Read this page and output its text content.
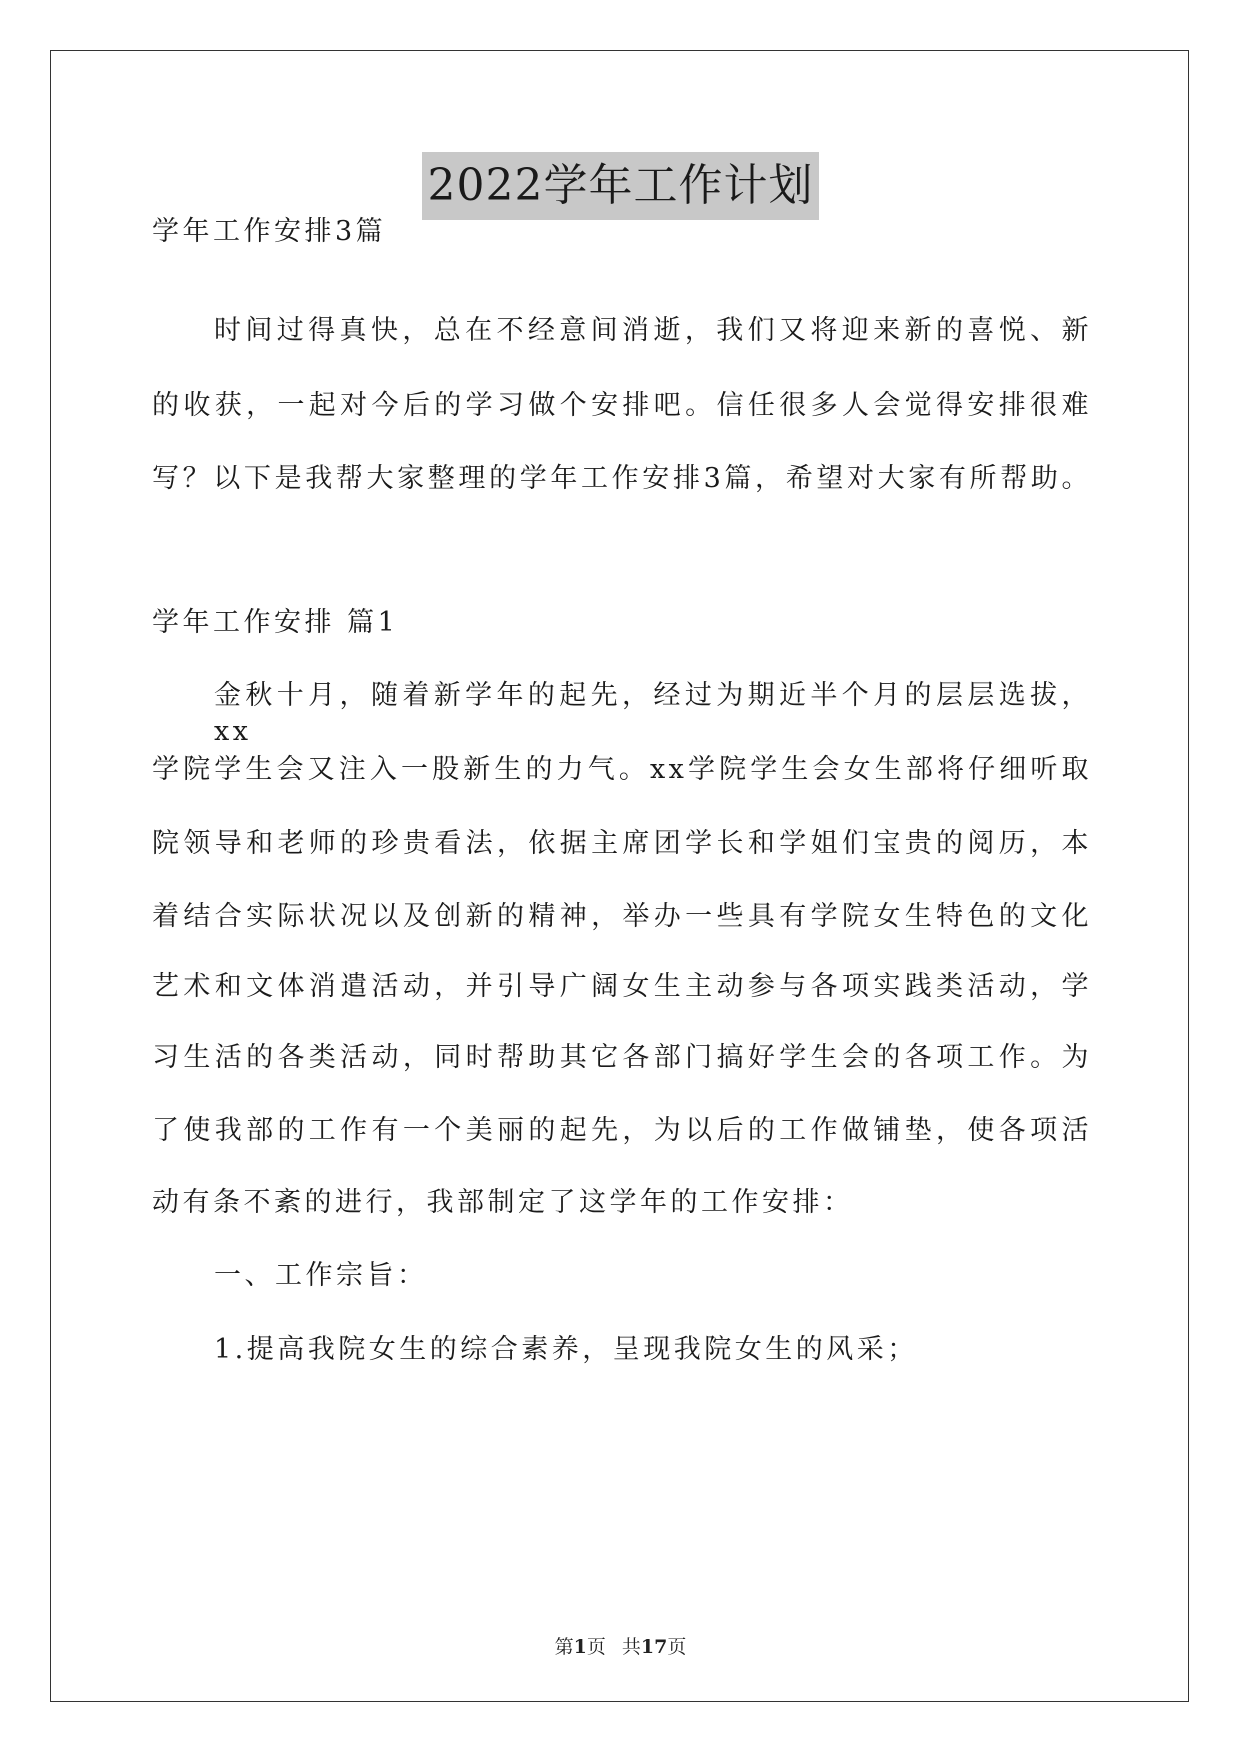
2022学年工作计划
学年工作安排3篇
时间过得真快，总在不经意间消逝，我们又将迎来新的喜悦、新
的收获，一起对今后的学习做个安排吧。信任很多人会觉得安排很难
写？以下是我帮大家整理的学年工作安排3篇，希望对大家有所帮助。
学年工作安排 篇1
金秋十月，随着新学年的起先，经过为期近半个月的层层选拔，xx
学院学生会又注入一股新生的力气。xx学院学生会女生部将仔细听取
院领导和老师的珍贵看法，依据主席团学长和学姐们宝贵的阅历，本
着结合实际状况以及创新的精神，举办一些具有学院女生特色的文化
艺术和文体消遣活动，并引导广阔女生主动参与各项实践类活动，学
习生活的各类活动，同时帮助其它各部门搞好学生会的各项工作。为
了使我部的工作有一个美丽的起先，为以后的工作做铺垫，使各项活
动有条不紊的进行，我部制定了这学年的工作安排：
一、工作宗旨：
1.提高我院女生的综合素养，呈现我院女生的风采；
第1页 共17页
